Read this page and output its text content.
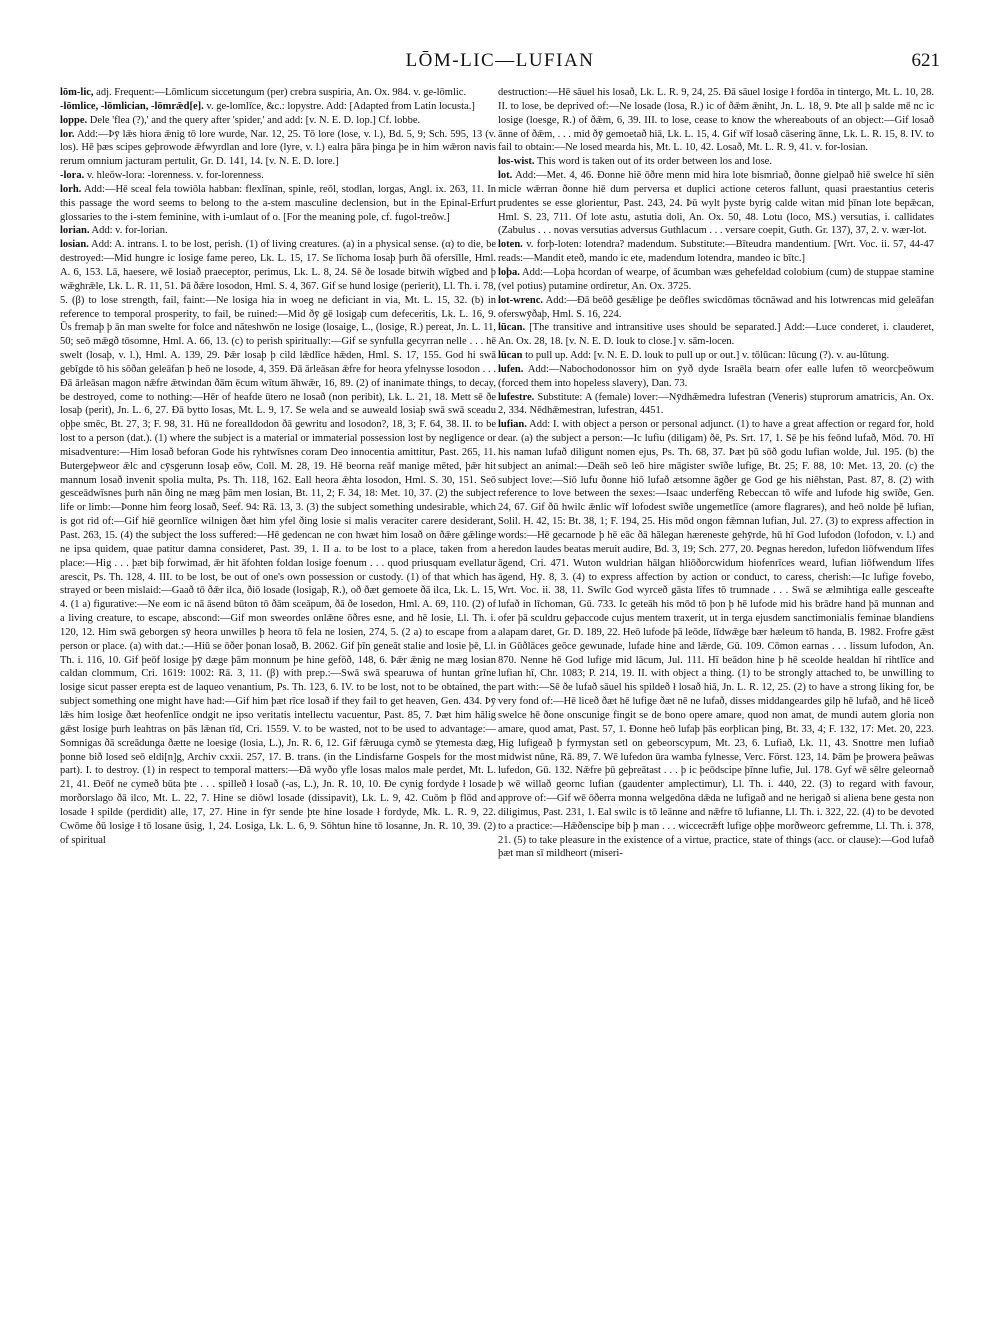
LŌM-LIC—LUFIAN	621

lōm-lic, adj. Frequent:—Lōmlicum siccetungum (per) crebra suspiria, An. Ox. 984. v. ge-lōmlic.

-lōmlice, -lōmlician, -lōmrǣd[e]. v. ge-lomlīce, &c.: lopystre. Add: [Adapted from Latin locusta.]

loppe. Dele 'flea (?),' and the query after 'spider,' and add: [v. N. E. D. lop.] Cf. lobbe.

lor. Add:—Þȳ lǣs hiora ǣnig tō lore wurde, Nar. 12, 25. Tō lore (lose, v. l.), Bd. 5, 9; Sch. 595, 13 (v. los). Hē þæs scipes geþrowode ǣfwyrdlan and lore (lyre, v. l.) ealra þāra þinga þe in him wǣron navis rerum omnium jacturam pertulit, Gr. D. 141, 14. [v. N. E. D. lore.]

-lora. v. hleōw-lora: -lorenness. v. for-lorenness.

lorh. Add:—Hē sceal fela towiōla habban: flexlīnan, spinle, reōl, stodlan, lorgas, Angl. ix. 263, 11. In this passage the word seems to belong to the a-stem masculine declension, but in the Epinal-Erfurt glossaries to the i-stem feminine, with i-umlaut of o. [For the meaning pole, cf. fugol-treōw.]

lorian. Add: v. for-lorian.

losian. Add: A. intrans. I. to be lost, perish. (1) of living creatures. (a) in a physical sense. (α) to die, be destroyed:—Mid hungre ic losige fame pereo, Lk. L. 15, 17. Se līchoma losaþ þurh ðā ofersīlle, Hml. A. 6, 153. Lā, haesere, wē losiað praeceptor, perimus, Lk. L. 8, 24. Sē ðe losade bitwih wīgbed and þ wǣghrǣle, Lk. L. R. 11, 51. Þā ðǣre losodon, Hml. S. 4, 367. Gif se hund losige (perierit), Ll. Th. i. 78, 5. (β) to lose strength, fail, faint:—Ne losiga hia in woeg ne deficiant in via, Mt. L. 15, 32. (b) in reference to temporal prosperity, to fail, be ruined:—Mid ðȳ gē losigaþ cum defeceritis, Lk. L. 16, 9. Ūs fremaþ þ ān man swelte for folce and nāteshwōn ne losige (losaige, L., (losige, R.) pereat, Jn. L. 11, 50; seō mǣgð tōsomne, Hml. A. 66, 13. (c) to perish spiritually:—Gif se synfulla gecyrran nelle . . . hē swelt (losaþ, v. l.), Hml. A. 139, 29. Þǣr losaþ þ cild lǣdlīce hǣden, Hml. S. 17, 155. God hi swā gebīgde tō his sōðan geleāfan þ heō ne losode, 4, 359. Ðā ārleāsan ǣfre for heora yfelnysse losodon . . . Ðā ārleāsan magon nǣfre ǣtwindan ðām ēcum wītum āhwǣr, 16, 89. (2) of inanimate things, to decay, be destroyed, come to nothing:—Hēr of heafde ūtero ne losað (non peribit), Lk. L. 21, 18. Mett sē ðe losaþ (perit), Jn. L. 6, 27. Ðā bytto losas, Mt. L. 9, 17. Se wela and se auweald losiaþ swā swā sceadu oþþe smēc, Bt. 27, 3; F. 98, 31. Hū ne forealldodon ðā gewritu and losodon?, 18, 3; F. 64, 38. II. to be lost to a person (dat.). (1) where the subject is a material or immaterial possession lost by negligence or misadventure:—Him losað beforan Gode his ryhtwīsnes coram Deo innocentia amittitur, Past. 265, 11. Butergeþweor ǣlc and cȳsgerunn losaþ eōw, Coll. M. 28, 19. Hē beorna reāf manige mēted, þǣr hit mannum losað invenit spolia multa, Ps. Th. 118, 162. Eall heora ǣhta losodon, Hml. S. 30, 151. Seō gesceādwīsnes þurh nān ðing ne mæg þām men losian, Bt. 11, 2; F. 34, 18: Met. 10, 37. (2) the subject life or limb:—Þonne him feorg losað, Seef. 94: Rā. 13, 3. (3) the subject something undesirable, which is got rid of:—Gif hiē geornlīce wilnigen ðæt him yfel ðing losie si malis veraciter carere desiderant, Past. 263, 15. (4) the subject the loss suffered:—Hē gedencan ne con hwæt him losað on ðǣre gǣlinge ne ipsa quidem, quae patitur damna consideret, Past. 39, 1. II a. to be lost to a place, taken from a place:—Hig . . . þæt biþ forwimad, ǣr hit āfohten foldan losige foenum . . . quod priusquam evellatur arescit, Ps. Th. 128, 4. III. to be lost, be out of one's own possession or custody. (1) of that which has strayed or been mislaid:—Gaað tō ðǣr ilca, ðiō losade (losigaþ, R.), oð ðæt gemoete ðā ilca, Lk. L. 15, 4. (1 a) figurative:—Ne eom ic nā āsend būton tō ðām sceāpum, ðā ðe losedon, Hml. A. 69, 110. (2) of a living creature, to escape, abscond:—Gif mon sweordes onlǣne ōðres esne, and hē losie, Ll. Th. i. 120, 12. Him swā geborgen sȳ heora unwilles þ heora tō fela ne losien, 274, 5. (2 a) to escape from a person or place. (a) with dat.:—Hiū se ōðer þonan losað, B. 2062. Gif þīn geneāt stalie and losie þē, Ll. Th. i. 116, 10. Gif þeōf losige þȳ dæge þām monnum þe hine gefōð, 148, 6. Þǣr ǣnig ne mæg losian caldan clommum, Cri. 1619: 1002: Rā. 3, 11. (β) with prep.:—Swā swā spearuwa of huntan grīne losige sicut passer erepta est de laqueo venantium, Ps. Th. 123, 6. IV. to be lost, not to be obtained, the subject something one might have had:—Gif him þæt rīce losað if they fail to get heaven, Gen. 434. Þȳ lǣs him losige ðæt heofenlīce ondgit ne ipso veritatis intellectu vacuentur, Past. 85, 7. Þæt him hālig gǣst losige þurh leahtras on þās lǣnan tīd, Cri. 1559. V. to be wasted, not to be used to advantage:—Somnigas ðā screādunga ðætte ne loesige (losia, L.), Jn. R. 6, 12. Gif fǣruuga cymð se ȳtemesta dæg, þonne bið losed seō eldi[n]g, Archiv cxxii. 257, 17. B. trans. (in the Lindisfarne Gospels for the most part). I. to destroy. (1) in respect to temporal matters:—Ðā wyðo yfle losas malos male perdet, Mt. L. 21, 41. Ðeōf ne cymeð būta þte . . . spilleð ł losað (-as, L.), Jn. R. 10, 10. Ðe cynig fordyde ł losade morðorslago ðā ilco, Mt. L. 22, 7. Hine se diōwl losade (dissipavit), Lk. L. 9, 42. Cuōm þ flōd and losade ł spilde (perdidit) alle, 17, 27. Hine in fȳr sende þte hine losade ł fordyde, Mk. L. R. 9, 22. Cwōme ðū losige ł tō losane ūsig, 1, 24. Losiga, Lk. L. 6, 9. Sōhtun hine tō losanne, Jn. R. 10, 39. (2) of spiritual

destruction:—Hē sāuel his losað, Lk. L. R. 9, 24, 25. Ðā sāuel losige ł fordōa in tintergo, Mt. L. 10, 28. II. to lose, be deprived of:—Ne losade (losa, R.) ic of ðǣm ǣniht, Jn. L. 18, 9. Þte all þ salde mē nc ic losige (loesge, R.) of ðǣm, 6, 39. III. to lose, cease to know the whereabouts of an object:—Gif losað ānne of ðǣm, . . . mid ðȳ gemoetað hiā, Lk. L. 15, 4. Gif wīf losað cāsering ānne, Lk. L. R. 15, 8. IV. to fail to obtain:—Ne losed mearda his, Mt. L. 10, 42. Losað, Mt. L. R. 9, 41. v. for-losian.

los-wist. This word is taken out of its order between los and lose.

lot. Add:—Met. 4, 46. Ðonne hiē ōðre menn mid hira lote bismriað, ðonne gielpað hiē swelce hī siēn micle wǣrran ðonne hiē dum perversa et duplici actione ceteros fallunt, quasi praestantius ceteris prudentes se esse glorientur, Past. 243, 24. Þū wylt þyste byrig calde witan mid þīnan lote bepǣcan, Hml. S. 23, 711. Of lote astu, astutia doli, An. Ox. 50, 48. Lotu (loco, MS.) versutias, i. callidates (Zabulus . . . novas versutias adversus Guthlacum . . . versare coepit, Guth. Gr. 137), 37, 2. v. wær-lot.

loten. v. forþ-loten: lotendra? madendum. Substitute:—Bīteudra mandentium. [Wrt. Voc. ii. 57, 44-47 reads:—Mandit eteð, mando ic ete, madendum lotendra, mandeo ic bītc.]

loþa. Add:—Loþa hcordan of wearpe, of ācumban wæs gehefeldad colobium (cum) de stuppae stamine (vel potius) putamine ordiretur, An. Ox. 3725.

lot-wrenc. Add:—Ðā beōð gesǣlige þe deōfles swicdōmas tōcnāwad and his lotwrencas mid geleāfan oferswȳðaþ, Hml. S. 16, 224.

lūcan. [The transitive and intransitive uses should be separated.] Add:—Luce conderet, i. clauderet, An. Ox. 28, 18. [v. N. E. D. louk to close.] v. sām-locen.

lūcan to pull up. Add: [v. N. E. D. louk to pull up or out.] v. tōlūcan: lūcung (?). v. au-lūtung.

lufen. Add:—Nabochodonossor him on ȳyð dyde Israēla bearn ofer ealle lufen tō weorcþeōwum (forced them into hopeless slavery), Dan. 73.

lufestre. Substitute: A (female) lover:—Nȳdhǣmedra lufestran (Veneris) stuprorum amatricis, An. Ox. 2, 334. Nēdhǣmestran, lufestran, 4451.

lufian. Add: I. with object a person or personal adjunct. (1) to have a great affection or regard for, hold dear. (a) the subject a person:—Ic lufiu (diligam) ðē, Ps. Srt. 17, 1. Sē þe his feōnd lufað, Mōd. 70. Hī his naman lufað diligunt nomen ejus, Ps. Th. 68, 37. Þæt þū sōð godu lufian wolde, Jul. 195. (b) the subject an animal:—Deāh seō leō hire māgister swīðe lufige, Bt. 25; F. 88, 10: Met. 13, 20. (c) the subject love:—Siō lufu ðonne hiō lufað ætsomne āgðer ge God ge his niēhstan, Past. 87, 8. (2) with reference to love between the sexes:—Isaac underfēng Rebeccan tō wīfe and lufode hig swīðe, Gen. 24, 67. Gif ðū hwilc ǣnlic wīf lofodest swīðe ungemetlīce (amore flagrares), and heō nolde þē lufian, Solil. H. 42, 15: Bt. 38, 1; F. 194, 25. His mōd ongon fǣmnan lufian, Jul. 27. (3) to express affection in words:—Hē gecarnode þ hē eāc ðā hālegan hæreneste gehȳrde, hū hī God lufodon (lofodon, v. l.) and heredon laudes beatas meruit audire, Bd. 3, 19; Sch. 277, 20. Þegnas heredon, lufedon liōfwendum līfes āgend, Cri. 471. Wuton wuldrian hālgan hliōðorcwidum hiofenrīces weard, lufian liōfwendum līfes āgend, Hȳ. 8, 3. (4) to express affection by action or conduct, to caress, cherish:—Ic lufige fovebo, Wrt. Voc. ii. 38, 11. Swīlc God wyrceð gāsta līfes tō trumnade . . . Swā se ælmihtiga ealle gesceafte lufað in līchoman, Gū. 733. Ic geteāh his mōd tō þon þ hē lufode mid his brādre hand þā munnan and ofer þā sculdru geþaccode cujus mentem traxerit, ut in terga ejusdem sanctimonialis feminae blandiens alapam daret, Gr. D. 189, 22. Heō lufode þā leōde, līdwǣge bær hæleum tō handa, B. 1982. Frofre gǣst in Gūðlāces geōce gewunade, lufade hine and lǣrde, Gū. 109. Cōmon earnas . . . lissum lufodon, An. 870. Nenne hē God lufige mid lācum, Jul. 111. Hī beādon hine þ hē sceolde healdan hī rihtlīce and lufian hī, Chr. 1083; P. 214, 19. II. with object a thing. (1) to be strongly attached to, be unwilling to part with:—Sē ðe lufað sāuel his spildeð ł losað hiā, Jn. L. R. 12, 25. (2) to have a strong liking for, be very fond of:—Hē liceð ðæt hē lufige ðæt nē ne lufað, disses middangeardes gilp hē lufað, and hē liceð swelce hē ðone onscunige fingit se de bono opere amare, quod non amat, de mundi autem gloria non amare, quod amat, Past. 57, 1. Ðonne heō lufaþ þās eorþlican þing, Bt. 33, 4; F. 132, 17: Met. 20, 223. Hig lufigeað þ fyrmystan setl on gebeorscypum, Mt. 23, 6. Lufiað, Lk. 11, 43. Snottre men lufiað midwist nūne, Rā. 89, 7. Wē lufedon ūra wamba fylnesse, Verc. Först. 123, 14. Þām þe þrowera þeāwas lufedon, Gū. 132. Nǣfre þū geþreātast . . . þ ic þeōdscipe þīnne lufie, Jul. 178. Gyf wē sēlre geleornað þ wē willað geornc lufian (gaudenter amplectimur), Ll. Th. i. 440, 22. (3) to regard with favour, approve of:—Gif wē ōðerra monna welgedōna dǣda ne lufigað and ne herigað si aliena bene gesta non diligimus, Past. 231, 1. Eal swilc is tō leānne and nǣfre tō lufianne, Ll. Th. i. 322, 22. (4) to be devoted to a practice:—Hǣðenscipe biþ þ man . . . wiccecrǣft lufige oþþe morðweorc gefremme, Ll. Th. i. 378, 21. (5) to take pleasure in the existence of a virtue, practice, state of things (acc. or clause):—God lufað þæt man sī mildheort (miseri-
